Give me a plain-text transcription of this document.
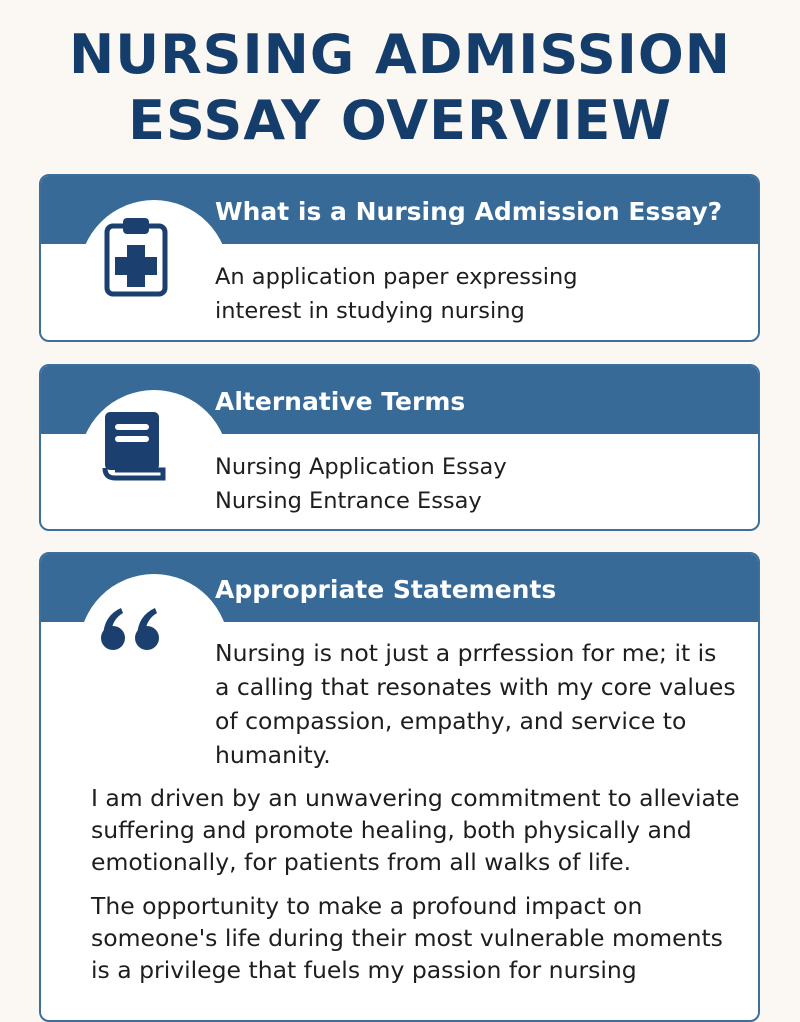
NURSING ADMISSION
ESSAY OVERVIEW
What is a Nursing Admission Essay?
An application paper expressing
interest in studying nursing
Alternative Terms
Nursing Application Essay
Nursing Entrance Essay
Appropriate Statements
Nursing is not just a prrfession for me; it is
a calling that resonates with my core values
of compassion, empathy, and service to
humanity.
I am driven by an unwavering commitment to alleviate
suffering and promote healing, both physically and
emotionally, for patients from all walks of life.
The opportunity to make a profound impact on
someone's life during their most vulnerable moments
is a privilege that fuels my passion for nursing
